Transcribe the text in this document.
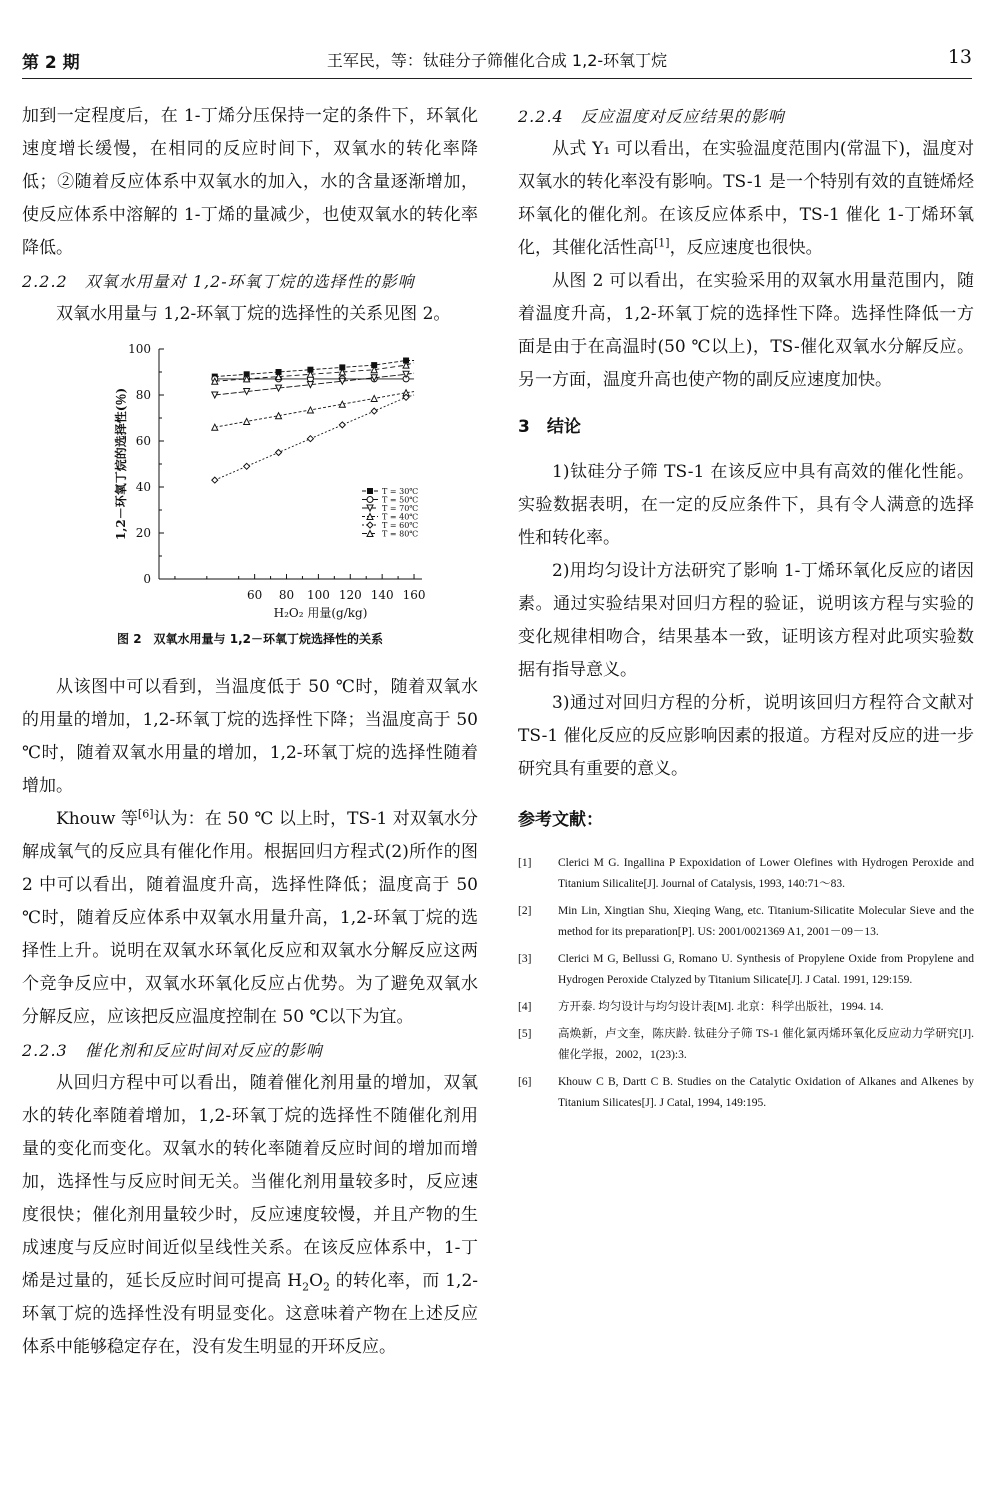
第 2 期	王军民，等：钛硅分子筛催化合成 1,2-环氧丁烷	13

加到一定程度后，在 1-丁烯分压保持一定的条件下，环氧化速度增长缓慢，在相同的反应时间下，双氧水的转化率降低；②随着反应体系中双氧水的加入，水的含量逐渐增加，使反应体系中溶解的 1-丁烯的量减少，也使双氧水的转化率降低。

2.2.2　双氧水用量对 1,2-环氧丁烷的选择性的影响

双氧水用量与 1,2-环氧丁烷的选择性的关系见图 2。

0
20
40
60
80
100
60 80 100 120 140 160
H₂O₂ 用量(g/kg)
1,2－环氧丁烷的选择性(％)	T = 30℃
T = 50℃
T = 70℃
T = 40℃
T = 60℃
T = 80℃
图 2　双氧水用量与 1,2－环氧丁烷选择性的关系

从该图中可以看到，当温度低于 50 ℃时，随着双氧水的用量的增加，1,2-环氧丁烷的选择性下降；当温度高于 50 ℃时，随着双氧水用量的增加，1,2-环氧丁烷的选择性随着增加。

Khouw 等[6]认为：在 50 ℃ 以上时，TS-1 对双氧水分解成氧气的反应具有催化作用。根据回归方程式(2)所作的图 2 中可以看出，随着温度升高，选择性降低；温度高于 50 ℃时，随着反应体系中双氧水用量升高，1,2-环氧丁烷的选择性上升。说明在双氧水环氧化反应和双氧水分解反应这两个竞争反应中，双氧水环氧化反应占优势。为了避免双氧水分解反应，应该把反应温度控制在 50 ℃以下为宜。

2.2.3　催化剂和反应时间对反应的影响

从回归方程中可以看出，随着催化剂用量的增加，双氧水的转化率随着增加，1,2-环氧丁烷的选择性不随催化剂用量的变化而变化。双氧水的转化率随着反应时间的增加而增加，选择性与反应时间无关。当催化剂用量较多时，反应速度很快；催化剂用量较少时，反应速度较慢，并且产物的生成速度与反应时间近似呈线性关系。在该反应体系中，1-丁烯是过量的，延长反应时间可提高 $H_2O_2$ 的转化率，而 1,2-环氧丁烷的选择性没有明显变化。这意味着产物在上述反应体系中能够稳定存在，没有发生明显的开环反应。

2.2.4　反应温度对反应结果的影响

从式 Y₁ 可以看出，在实验温度范围内(常温下)，温度对双氧水的转化率没有影响。TS-1 是一个特别有效的直链烯烃环氧化的催化剂。在该反应体系中，TS-1 催化 1-丁烯环氧化，其催化活性高[1]，反应速度也很快。

从图 2 可以看出，在实验采用的双氧水用量范围内，随着温度升高，1,2-环氧丁烷的选择性下降。选择性降低一方面是由于在高温时(50 ℃以上)，TS-催化双氧水分解反应。另一方面，温度升高也使产物的副反应速度加快。

3　结论

1)钛硅分子筛 TS-1 在该反应中具有高效的催化性能。实验数据表明，在一定的反应条件下，具有令人满意的选择性和转化率。

2)用均匀设计方法研究了影响 1-丁烯环氧化反应的诸因素。通过实验结果对回归方程的验证，说明该方程与实验的变化规律相吻合，结果基本一致，证明该方程对此项实验数据有指导意义。

3)通过对回归方程的分析，说明该回归方程符合文献对 TS-1 催化反应的反应影响因素的报道。方程对反应的进一步研究具有重要的意义。

参考文献：
[1] Clerici M G. Ingallina P Expoxidation of Lower Olefines with Hydrogen Peroxide and Titanium Silicalite[J]. Journal of Catalysis, 1993, 140:71～83.
[2] Min Lin, Xingtian Shu, Xieqing Wang, etc. Titanium-Silicatite Molecular Sieve and the method for its preparation[P]. US: 2001/0021369 A1, 2001－09－13.
[3] Clerici M G, Bellussi G, Romano U. Synthesis of Propylene Oxide from Propylene and Hydrogen Peroxide Ctalyzed by Titanium Silicate[J]. J Catal. 1991, 129:159.
[4] 方开泰. 均匀设计与均匀设计表[M]. 北京：科学出版社，1994. 14.
[5] 高焕新，卢文奎，陈庆龄. 钛硅分子筛 TS-1 催化氯丙烯环氧化反应动力学研究[J]. 催化学报，2002，1(23):3.
[6] Khouw C B, Dartt C B. Studies on the Catalytic Oxidation of Alkanes and Alkenes by Titanium Silicates[J]. J Catal, 1994, 149:195.
